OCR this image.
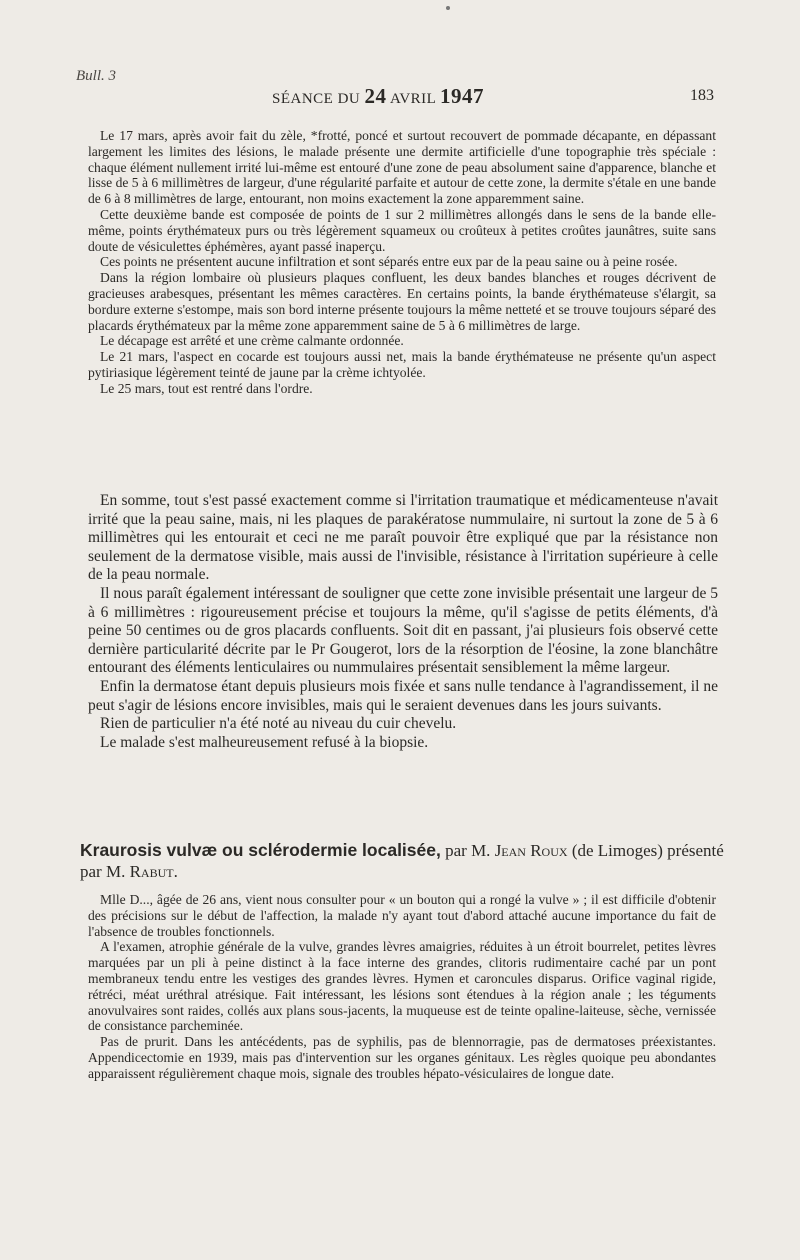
Bull. 3
SÉANCE DU 24 AVRIL 1947	183

Le 17 mars, après avoir fait du zèle, *frotté, poncé et surtout recouvert de pommade décapante, en dépassant largement les limites des lésions, le malade présente une dermite artificielle d'une topographie très spéciale : chaque élément nullement irrité lui-même est entouré d'une zone de peau absolument saine d'apparence, blanche et lisse de 5 à 6 millimètres de largeur, d'une régularité parfaite et autour de cette zone, la dermite s'étale en une bande de 6 à 8 millimètres de large, entourant, non moins exactement la zone apparemment saine.

Cette deuxième bande est composée de points de 1 sur 2 millimètres allongés dans le sens de la bande elle-même, points érythémateux purs ou très légèrement squameux ou croûteux à petites croûtes jaunâtres, suite sans doute de vésiculettes éphémères, ayant passé inaperçu.

Ces points ne présentent aucune infiltration et sont séparés entre eux par de la peau saine ou à peine rosée.

Dans la région lombaire où plusieurs plaques confluent, les deux bandes blanches et rouges décrivent de gracieuses arabesques, présentant les mêmes caractères. En certains points, la bande érythémateuse s'élargit, sa bordure externe s'estompe, mais son bord interne présente toujours la même netteté et se trouve toujours séparé des placards érythémateux par la même zone apparemment saine de 5 à 6 millimètres de large.

Le décapage est arrêté et une crème calmante ordonnée.

Le 21 mars, l'aspect en cocarde est toujours aussi net, mais la bande érythémateuse ne présente qu'un aspect pytiriasique légèrement teinté de jaune par la crème ichtyolée.

Le 25 mars, tout est rentré dans l'ordre.

En somme, tout s'est passé exactement comme si l'irritation traumatique et médicamenteuse n'avait irrité que la peau saine, mais, ni les plaques de parakératose nummulaire, ni surtout la zone de 5 à 6 millimètres qui les entourait et ceci ne me paraît pouvoir être expliqué que par la résistance non seulement de la dermatose visible, mais aussi de l'invisible, résistance à l'irritation supérieure à celle de la peau normale.

Il nous paraît également intéressant de souligner que cette zone invisible présentait une largeur de 5 à 6 millimètres : rigoureusement précise et toujours la même, qu'il s'agisse de petits éléments, d'à peine 50 centimes ou de gros placards confluents. Soit dit en passant, j'ai plusieurs fois observé cette dernière particularité décrite par le Pr Gougerot, lors de la résorption de l'éosine, la zone blanchâtre entourant des éléments lenticulaires ou nummulaires présentait sensiblement la même largeur.

Enfin la dermatose étant depuis plusieurs mois fixée et sans nulle tendance à l'agrandissement, il ne peut s'agir de lésions encore invisibles, mais qui le seraient devenues dans les jours suivants.

Rien de particulier n'a été noté au niveau du cuir chevelu.

Le malade s'est malheureusement refusé à la biopsie.

Kraurosis vulvæ ou sclérodermie localisée, par M. Jean Roux (de Limoges) présenté par M. Rabut.

Mlle D..., âgée de 26 ans, vient nous consulter pour « un bouton qui a rongé la vulve » ; il est difficile d'obtenir des précisions sur le début de l'affection, la malade n'y ayant tout d'abord attaché aucune importance du fait de l'absence de troubles fonctionnels.

A l'examen, atrophie générale de la vulve, grandes lèvres amaigries, réduites à un étroit bourrelet, petites lèvres marquées par un pli à peine distinct à la face interne des grandes, clitoris rudimentaire caché par un pont membraneux tendu entre les vestiges des grandes lèvres. Hymen et caroncules disparus. Orifice vaginal rigide, rétréci, méat uréthral atrésique. Fait intéressant, les lésions sont étendues à la région anale ; les téguments anovulvaires sont raides, collés aux plans sous-jacents, la muqueuse est de teinte opaline-laiteuse, sèche, vernissée de consistance parcheminée.

Pas de prurit. Dans les antécédents, pas de syphilis, pas de blennorragie, pas de dermatoses préexistantes. Appendicectomie en 1939, mais pas d'intervention sur les organes génitaux. Les règles quoique peu abondantes apparaissent régulièrement chaque mois, signale des troubles hépato-vésiculaires de longue date.
